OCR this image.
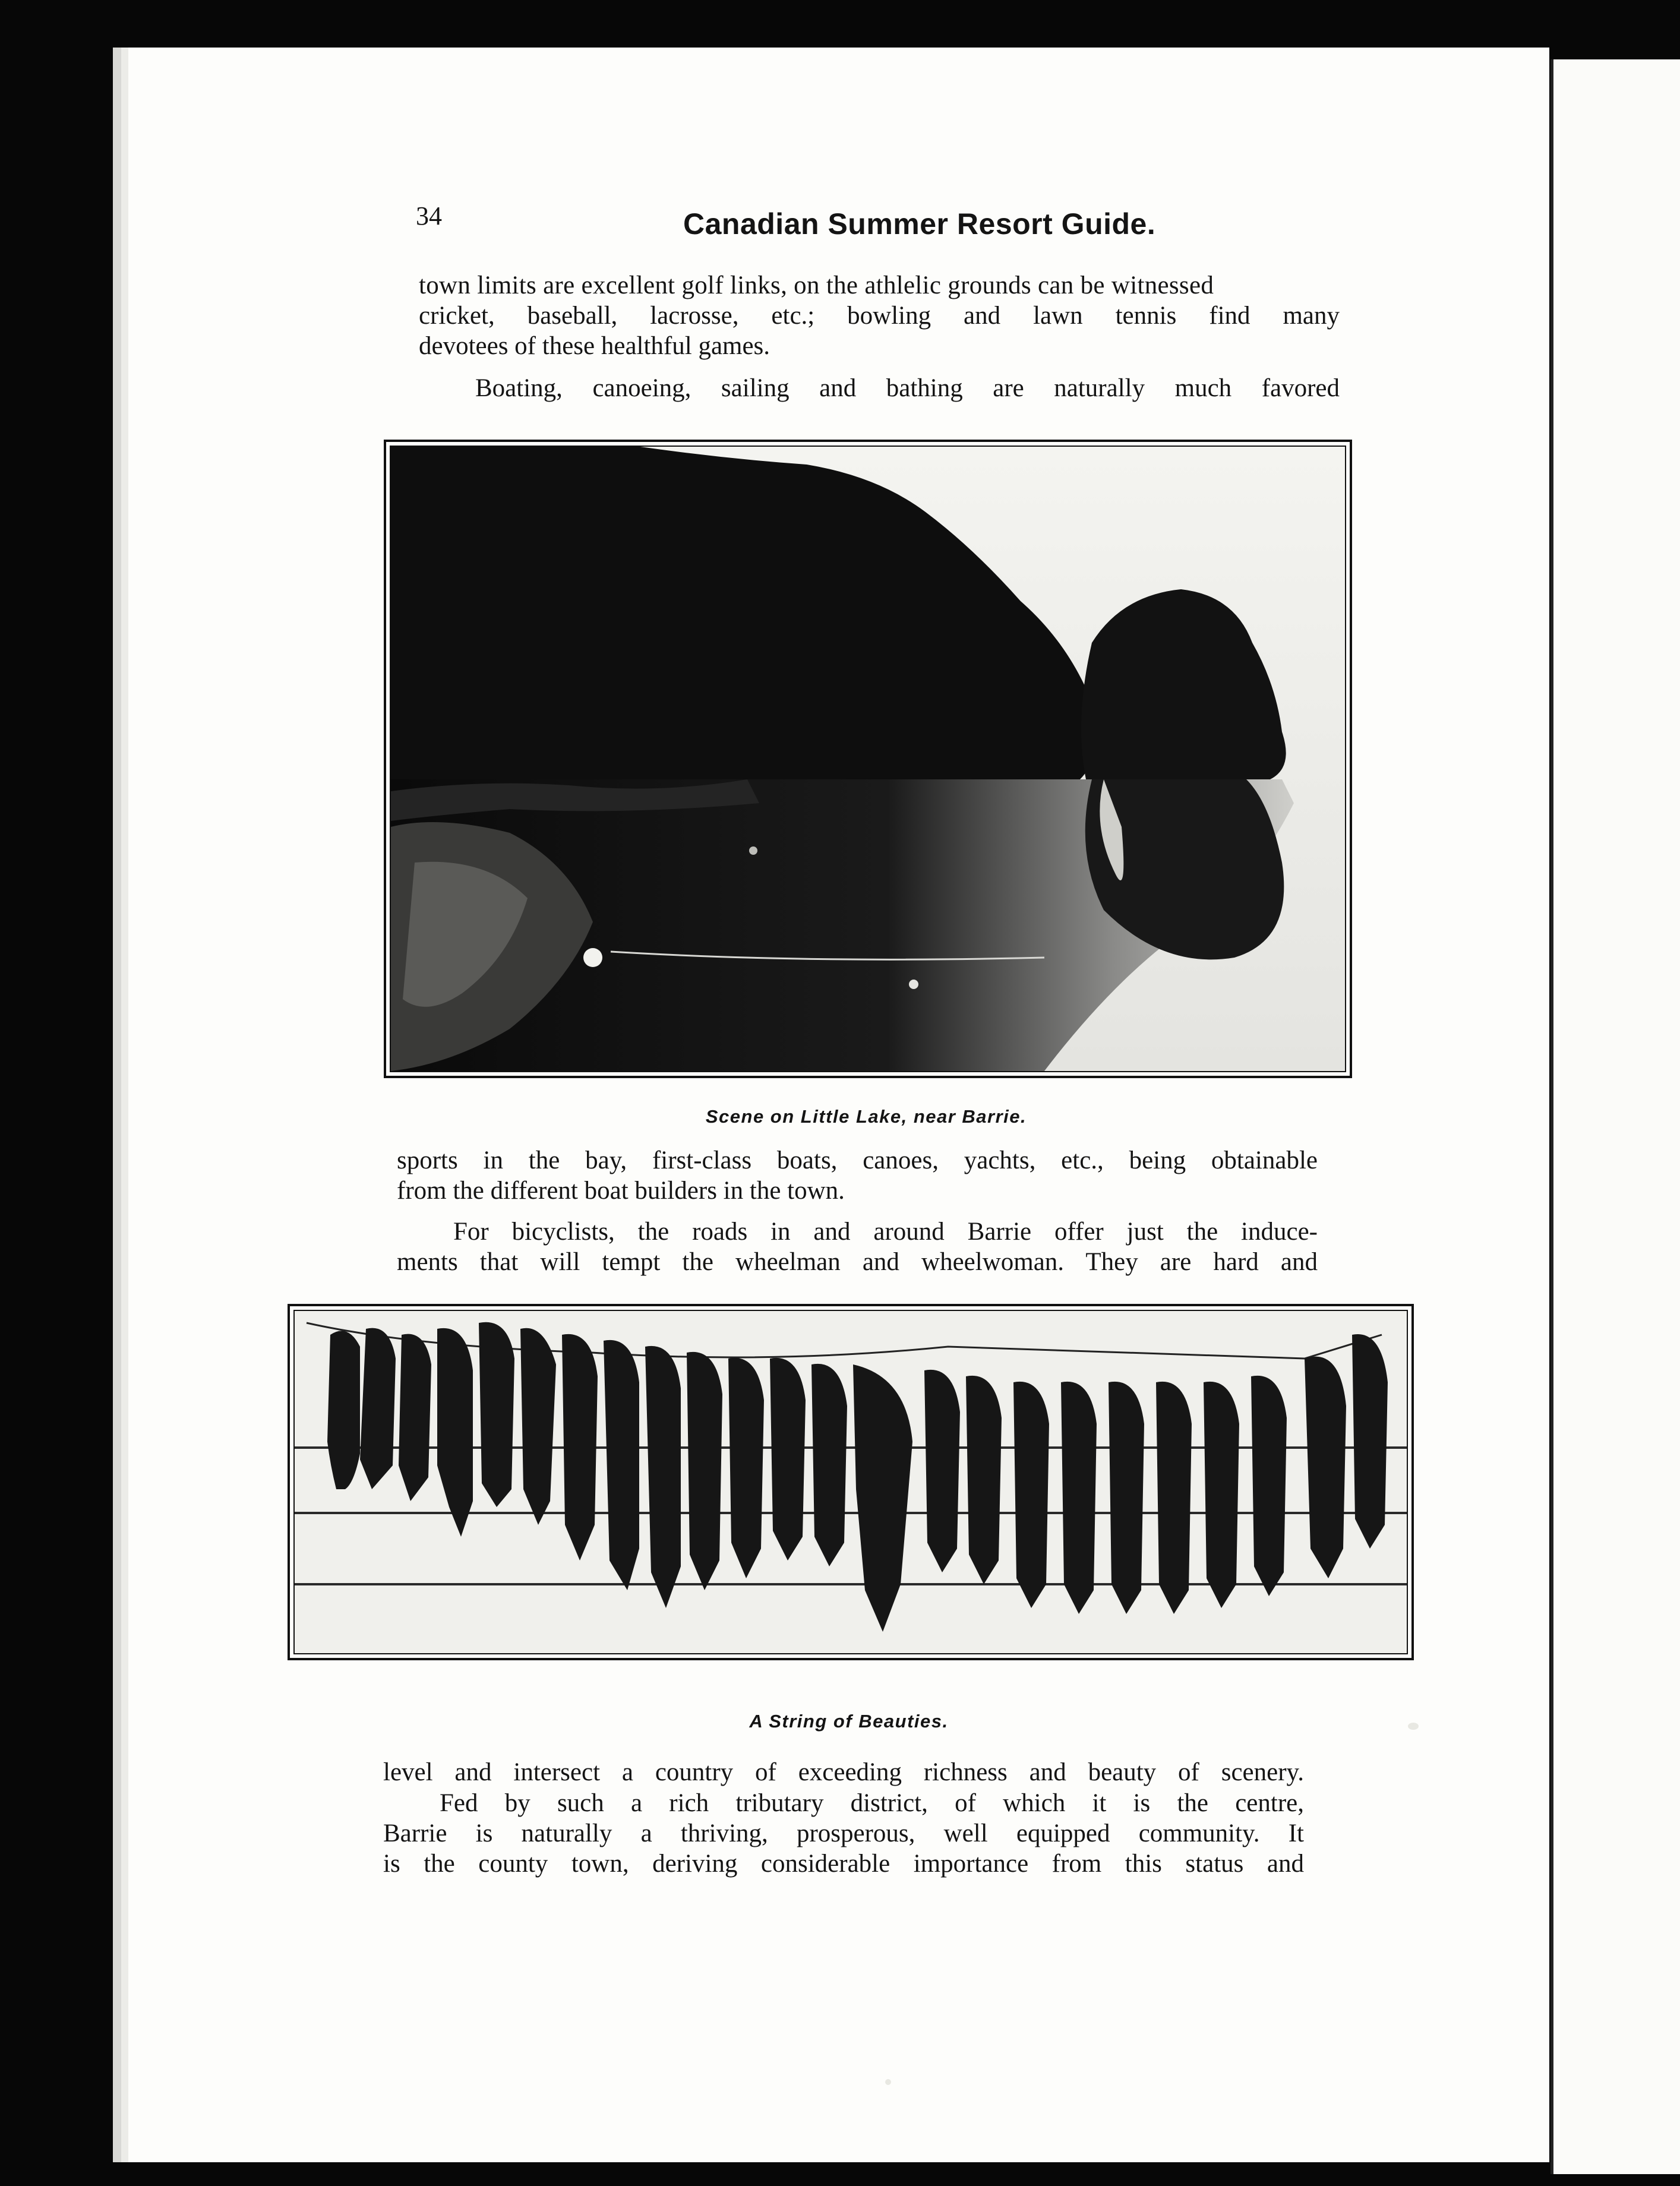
34	Canadian Summer Resort Guide.
town limits are excellent golf links, on the athlelic grounds can be witnessed
cricket, baseball, lacrosse, etc.; bowling and lawn tennis find many
devotees of these healthful games.
Boating, canoeing, sailing and bathing are naturally much favored
Scene on Little Lake, near Barrie.
sports in the bay, first-class boats, canoes, yachts, etc., being obtainable
from the different boat builders in the town.
For bicyclists, the roads in and around Barrie offer just the induce-
ments that will tempt the wheelman and wheelwoman. They are hard and
A String of Beauties.
level and intersect a country of exceeding richness and beauty of scenery.
Fed by such a rich tributary district, of which it is the centre,
Barrie is naturally a thriving, prosperous, well equipped community. It
is the county town, deriving considerable importance from this status and
